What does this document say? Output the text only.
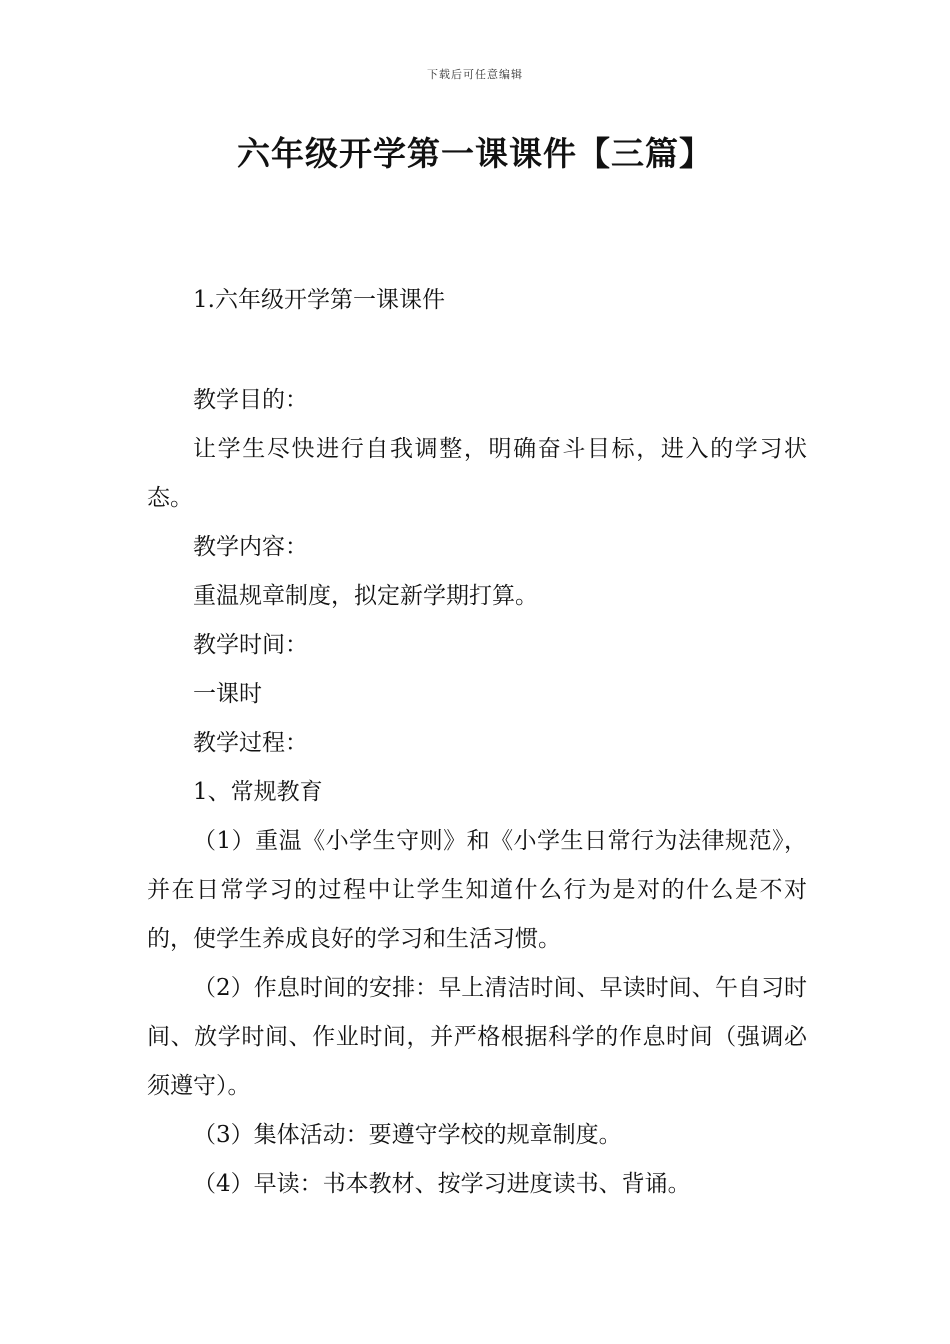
下载后可任意编辑
六年级开学第一课课件【三篇】

1.六年级开学第一课课件

教学目的：

让学生尽快进行自我调整，明确奋斗目标，进入的学习状态。

教学内容：

重温规章制度，拟定新学期打算。

教学时间：

一课时

教学过程：

1、常规教育

（1）重温《小学生守则》和《小学生日常行为法律规范》，并在日常学习的过程中让学生知道什么行为是对的什么是不对的，使学生养成良好的学习和生活习惯。

（2）作息时间的安排：早上清洁时间、早读时间、午自习时间、放学时间、作业时间，并严格根据科学的作息时间（强调必须遵守）。

（3）集体活动：要遵守学校的规章制度。

（4）早读：书本教材、按学习进度读书、背诵。
